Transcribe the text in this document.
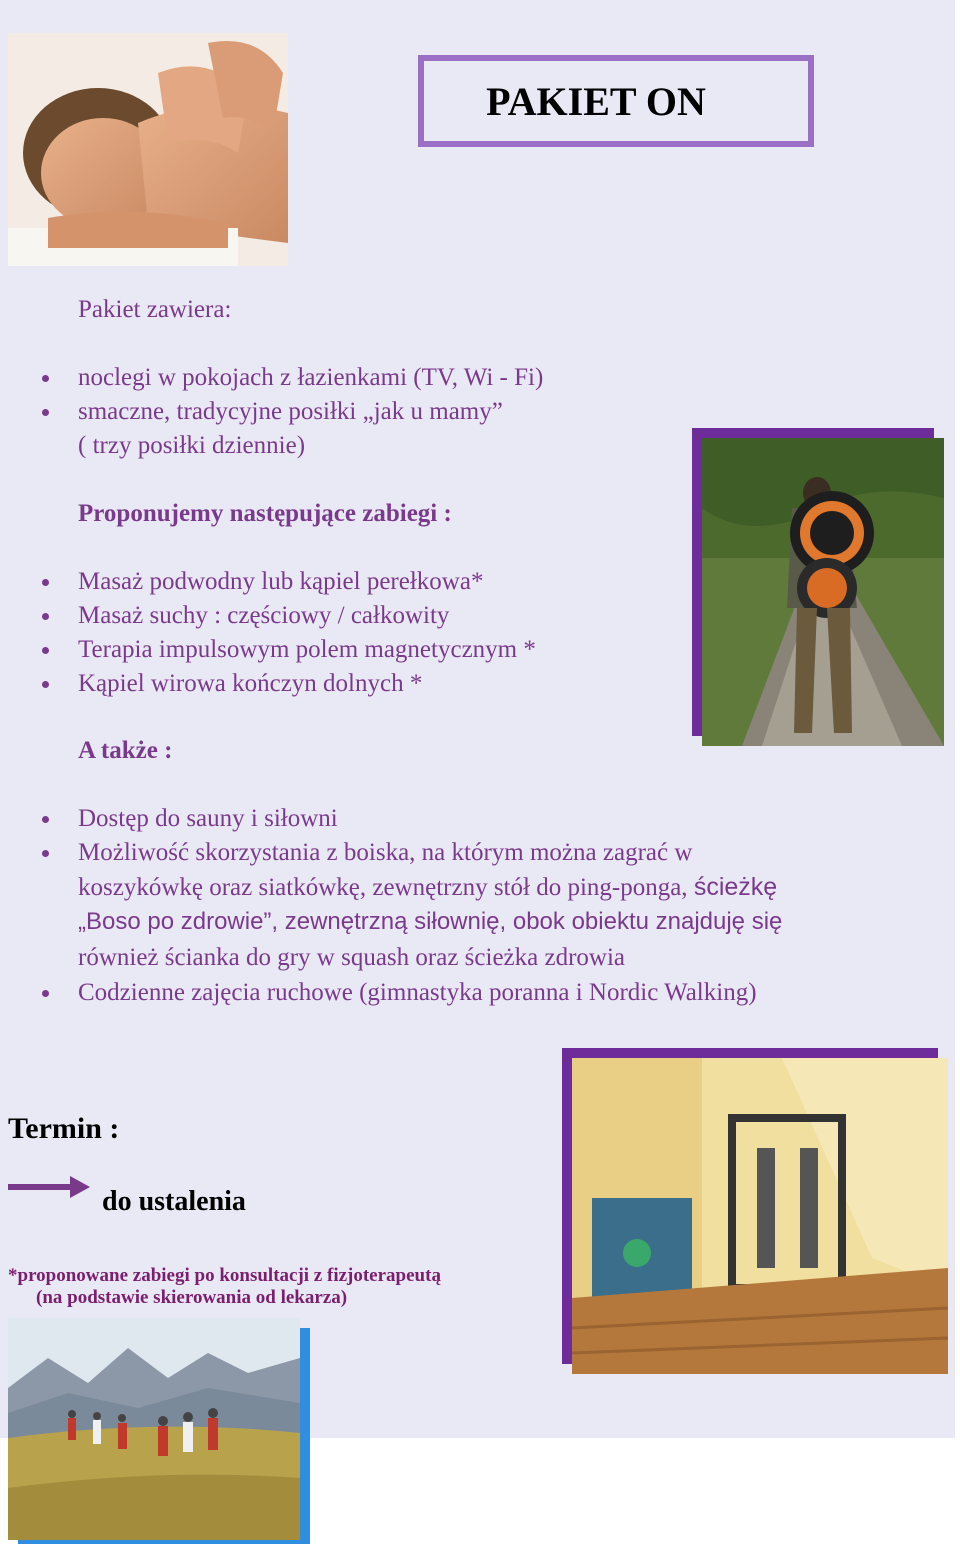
PAKIET ON
Pakiet zawiera:
noclegi w pokojach z łazienkami (TV, Wi - Fi)
smaczne, tradycyjne posiłki „jak u mamy”
( trzy posiłki dziennie)
Proponujemy następujące zabiegi :
Masaż podwodny lub kąpiel perełkowa*
Masaż suchy : częściowy / całkowity
Terapia impulsowym polem magnetycznym *
Kąpiel wirowa kończyn dolnych *
A także :
Dostęp do sauny i siłowni
Możliwość skorzystania z boiska, na którym można zagrać w
koszykówkę oraz siatkówkę, zewnętrzny stół do ping-ponga, ścieżkę
„Boso po zdrowie”, zewnętrzną siłownię, obok obiektu znajduję się
również ścianka do gry w squash oraz ścieżka zdrowia
Codzienne zajęcia ruchowe (gimnastyka poranna i Nordic Walking)
Termin :
do ustalenia
*proponowane zabiegi po konsultacji z fizjoterapeutą
(na podstawie skierowania od lekarza)
